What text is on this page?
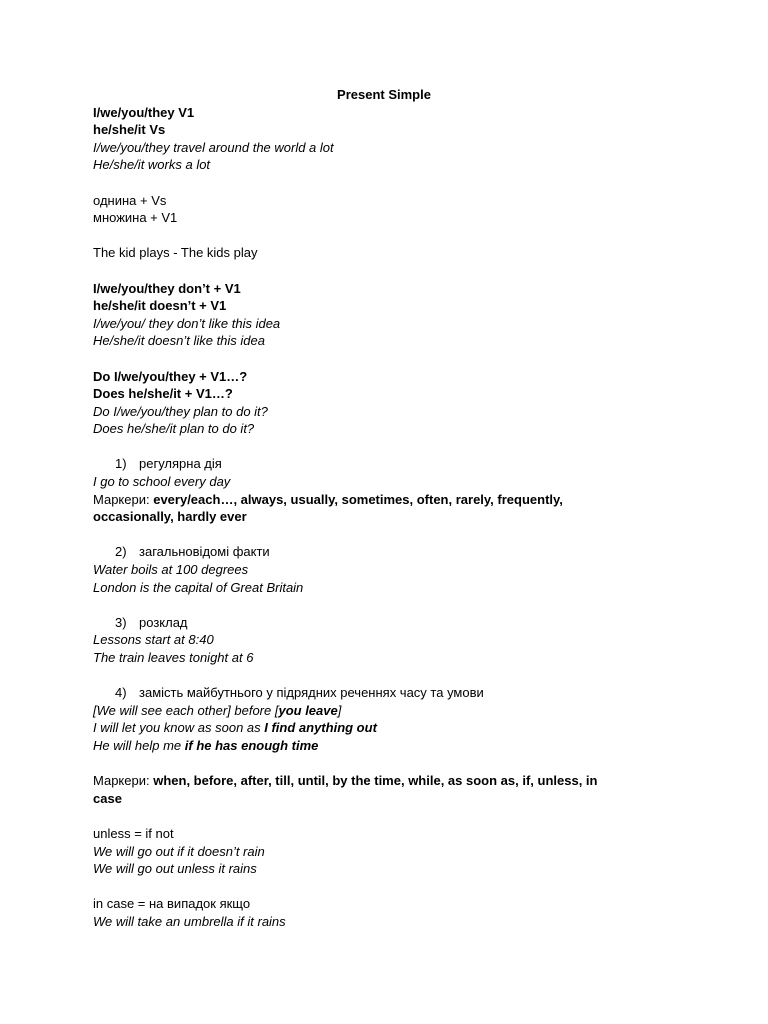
Present Simple
I/we/you/they V1
he/she/it Vs
I/we/you/they travel around the world a lot
He/she/it works a lot
однина + Vs
множина + V1
The kid plays - The kids play
I/we/you/they don’t + V1
he/she/it doesn’t + V1
I/we/you/ they don’t like this idea
He/she/it doesn’t like this idea
Do I/we/you/they + V1…?
Does he/she/it + V1…?
Do I/we/you/they plan to do it?
Does he/she/it plan to do it?
1) регулярна дія
I go to school every day
Маркери: every/each…, always, usually, sometimes, often, rarely, frequently, occasionally, hardly ever
2) загальновідомі факти
Water boils at 100 degrees
London is the capital of Great Britain
3) розклад
Lessons start at 8:40
The train leaves tonight at 6
4) замість майбутнього у підрядних реченнях часу та умови
[We will see each other] before [you leave]
I will let you know as soon as I find anything out
He will help me if he has enough time
Маркери: when, before, after, till, until, by the time, while, as soon as, if, unless, in case
unless = if not
We will go out if it doesn’t rain
We will go out unless it rains
in case = на випадок якщо
We will take an umbrella if it rains
